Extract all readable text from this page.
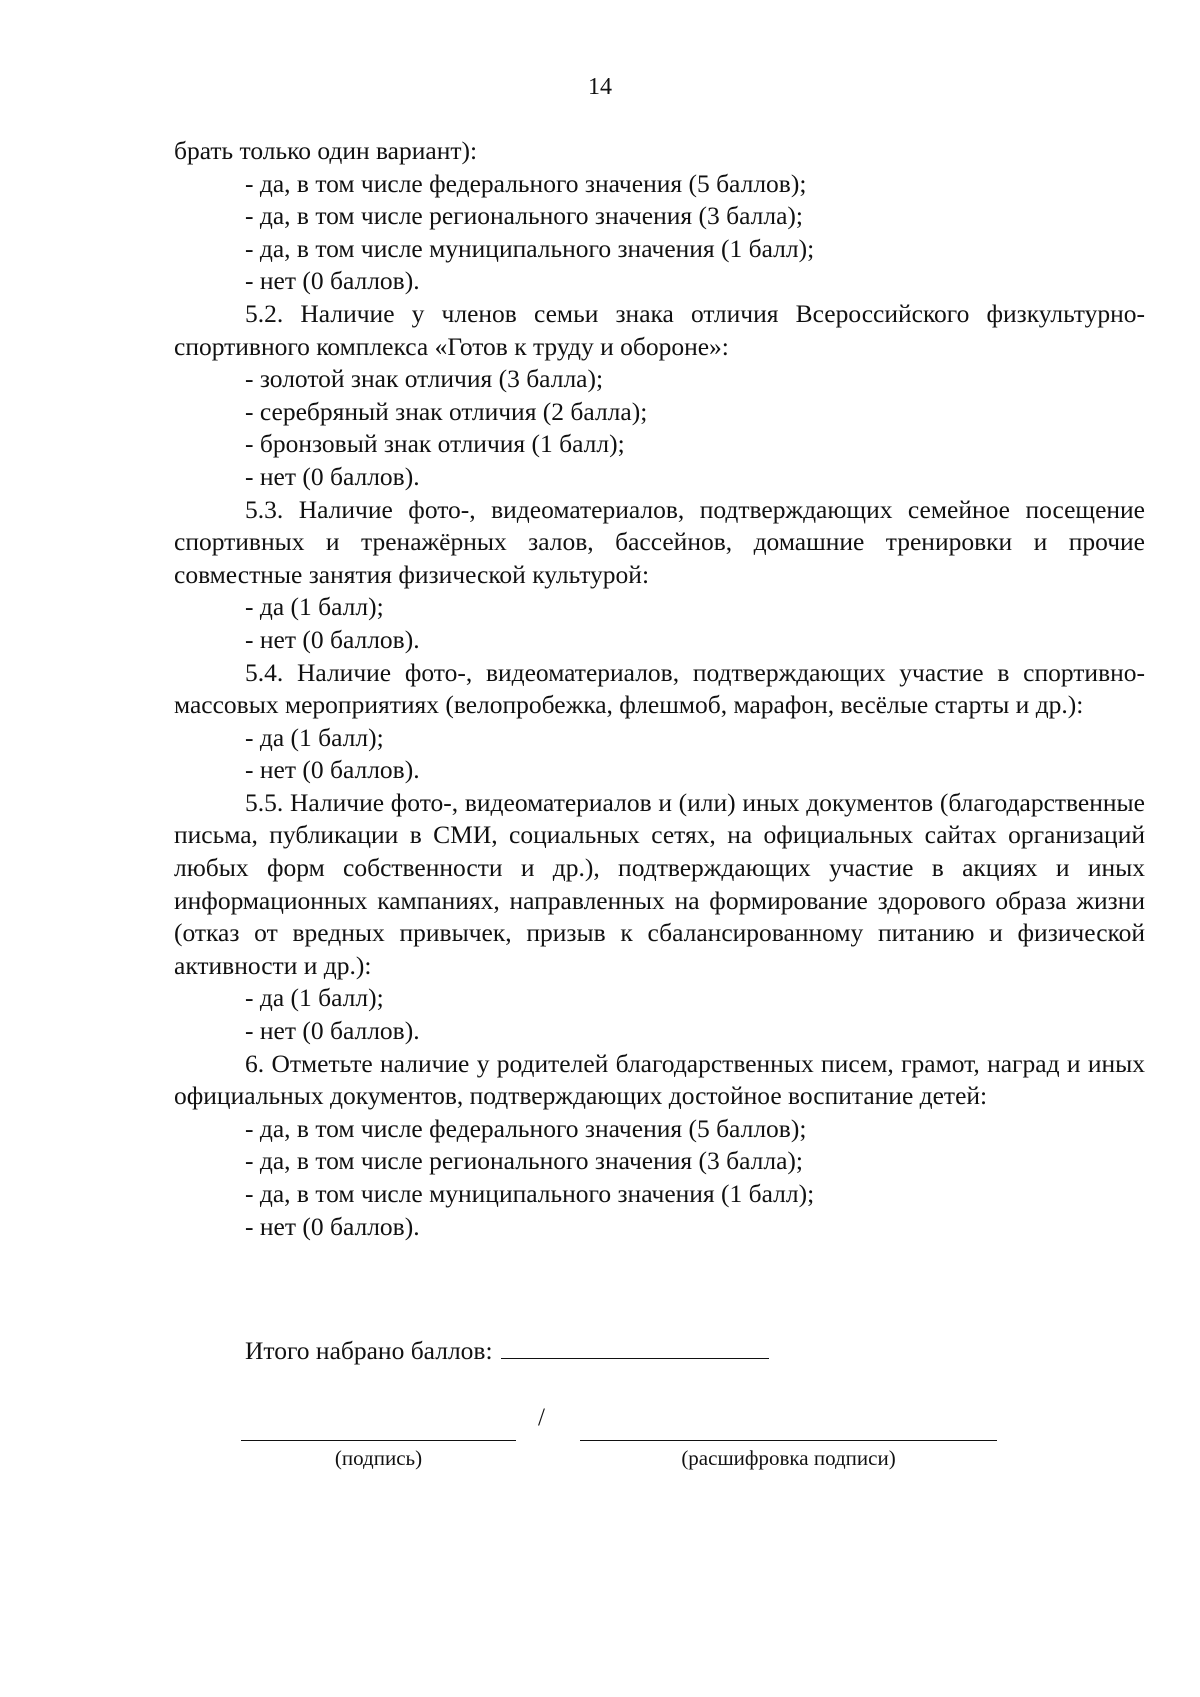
14

брать только один вариант):

- да, в том числе федерального значения (5 баллов);

- да, в том числе регионального значения (3 балла);

- да, в том числе муниципального значения (1 балл);

- нет (0 баллов).

5.2. Наличие у членов семьи знака отличия Всероссийского физкультурно-спортивного комплекса «Готов к труду и обороне»:

- золотой знак отличия (3 балла);

- серебряный знак отличия (2 балла);

- бронзовый знак отличия (1 балл);

- нет (0 баллов).

5.3. Наличие фото-, видеоматериалов, подтверждающих семейное посещение спортивных и тренажёрных залов, бассейнов, домашние тренировки и прочие совместные занятия физической культурой:

- да (1 балл);

- нет (0 баллов).

5.4. Наличие фото-, видеоматериалов, подтверждающих участие в спортивно-массовых мероприятиях (велопробежка, флешмоб, марафон, весёлые старты и др.):

- да (1 балл);

- нет (0 баллов).

5.5. Наличие фото-, видеоматериалов и (или) иных документов (благодарственные письма, публикации в СМИ, социальных сетях, на официальных сайтах организаций любых форм собственности и др.), подтверждающих участие в акциях и иных информационных кампаниях, направленных на формирование здорового образа жизни (отказ от вредных привычек, призыв к сбалансированному питанию и физической активности и др.):

- да (1 балл);

- нет (0 баллов).

6. Отметьте наличие у родителей благодарственных писем, грамот, наград и иных официальных документов, подтверждающих достойное воспитание детей:

- да, в том числе федерального значения (5 баллов);

- да, в том числе регионального значения (3 балла);

- да, в том числе муниципального значения (1 балл);

- нет (0 баллов).

Итого набрано баллов:
/
(подпись)	(расшифровка подписи)
